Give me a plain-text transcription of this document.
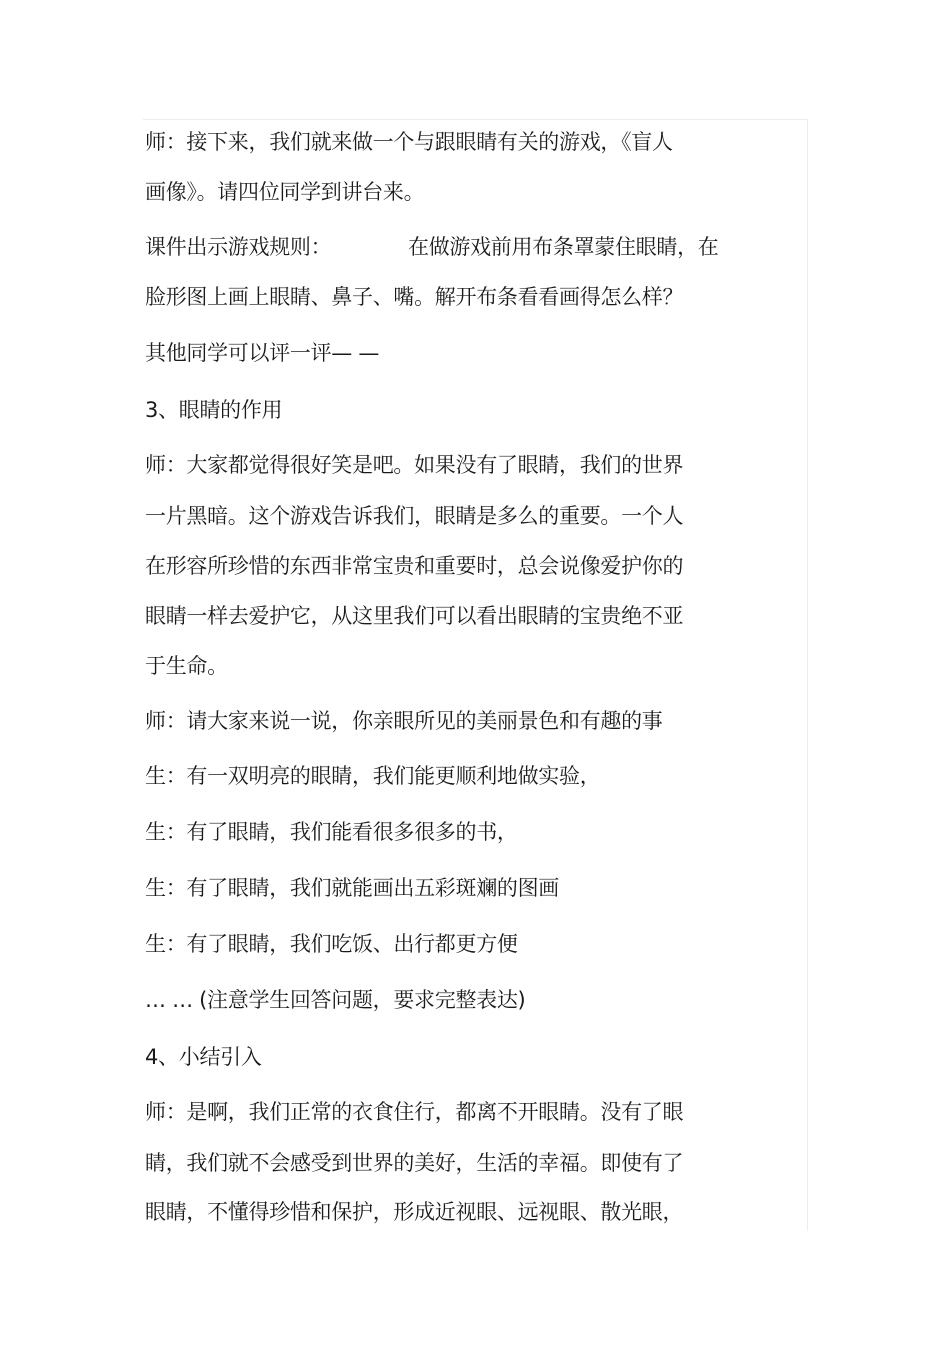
师：接下来，我们就来做一个与跟眼睛有关的游戏，《盲人
画像》。请四位同学到讲台来。
课件出示游戏规则：	在做游戏前用布条罩蒙住眼睛，在
脸形图上画上眼睛、鼻子、嘴。解开布条看看画得怎么样？
其他同学可以评一评— —
3、眼睛的作用
师：大家都觉得很好笑是吧。如果没有了眼睛，我们的世界
一片黑暗。这个游戏告诉我们，眼睛是多么的重要。一个人
在形容所珍惜的东西非常宝贵和重要时，总会说像爱护你的
眼睛一样去爱护它，从这里我们可以看出眼睛的宝贵绝不亚
于生命。
师：请大家来说一说，你亲眼所见的美丽景色和有趣的事
生：有一双明亮的眼睛，我们能更顺利地做实验，
生：有了眼睛，我们能看很多很多的书，
生：有了眼睛，我们就能画出五彩斑斓的图画
生：有了眼睛，我们吃饭、出行都更方便
… … (注意学生回答问题，要求完整表达)
4、小结引入
师：是啊，我们正常的衣食住行，都离不开眼睛。没有了眼
睛，我们就不会感受到世界的美好，生活的幸福。即使有了
眼睛，不懂得珍惜和保护，形成近视眼、远视眼、散光眼，
